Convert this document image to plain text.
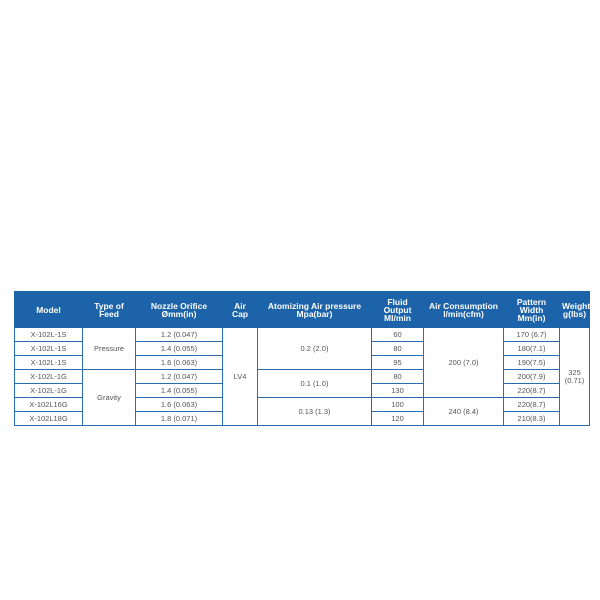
Model	Type of Feed	Nozzle Orifice Ømm(in)	Air Cap	Atomizing Air pressure Mpa(bar)	Fluid Output Ml/min	Air Consumption l/min(cfm)	Pattern Width Mm(in)	Weight g(lbs)
X-102L-1S	Pressure	1.2 (0.047)	LV4	0.2 (2.0)	60	200 (7.0)	170 (6.7)	325 (0.71)
X-102L-1S		1.4 (0.055)			80		180(7.1)	
X-102L-1S		1.6 (0.063)			95		190(7.5)	
X-102L-1G	Gravity	1.2 (0.047)		0.1 (1.0)	80		200(7.9)	
X-102L-1G		1.4 (0.055)			130		220(8.7)	
X-102L16G		1.6 (0.063)		0.13 (1.3)	100	240 (8.4)	220(8.7)	
X-102L18G		1.8 (0.071)			120		210(8.3)	
